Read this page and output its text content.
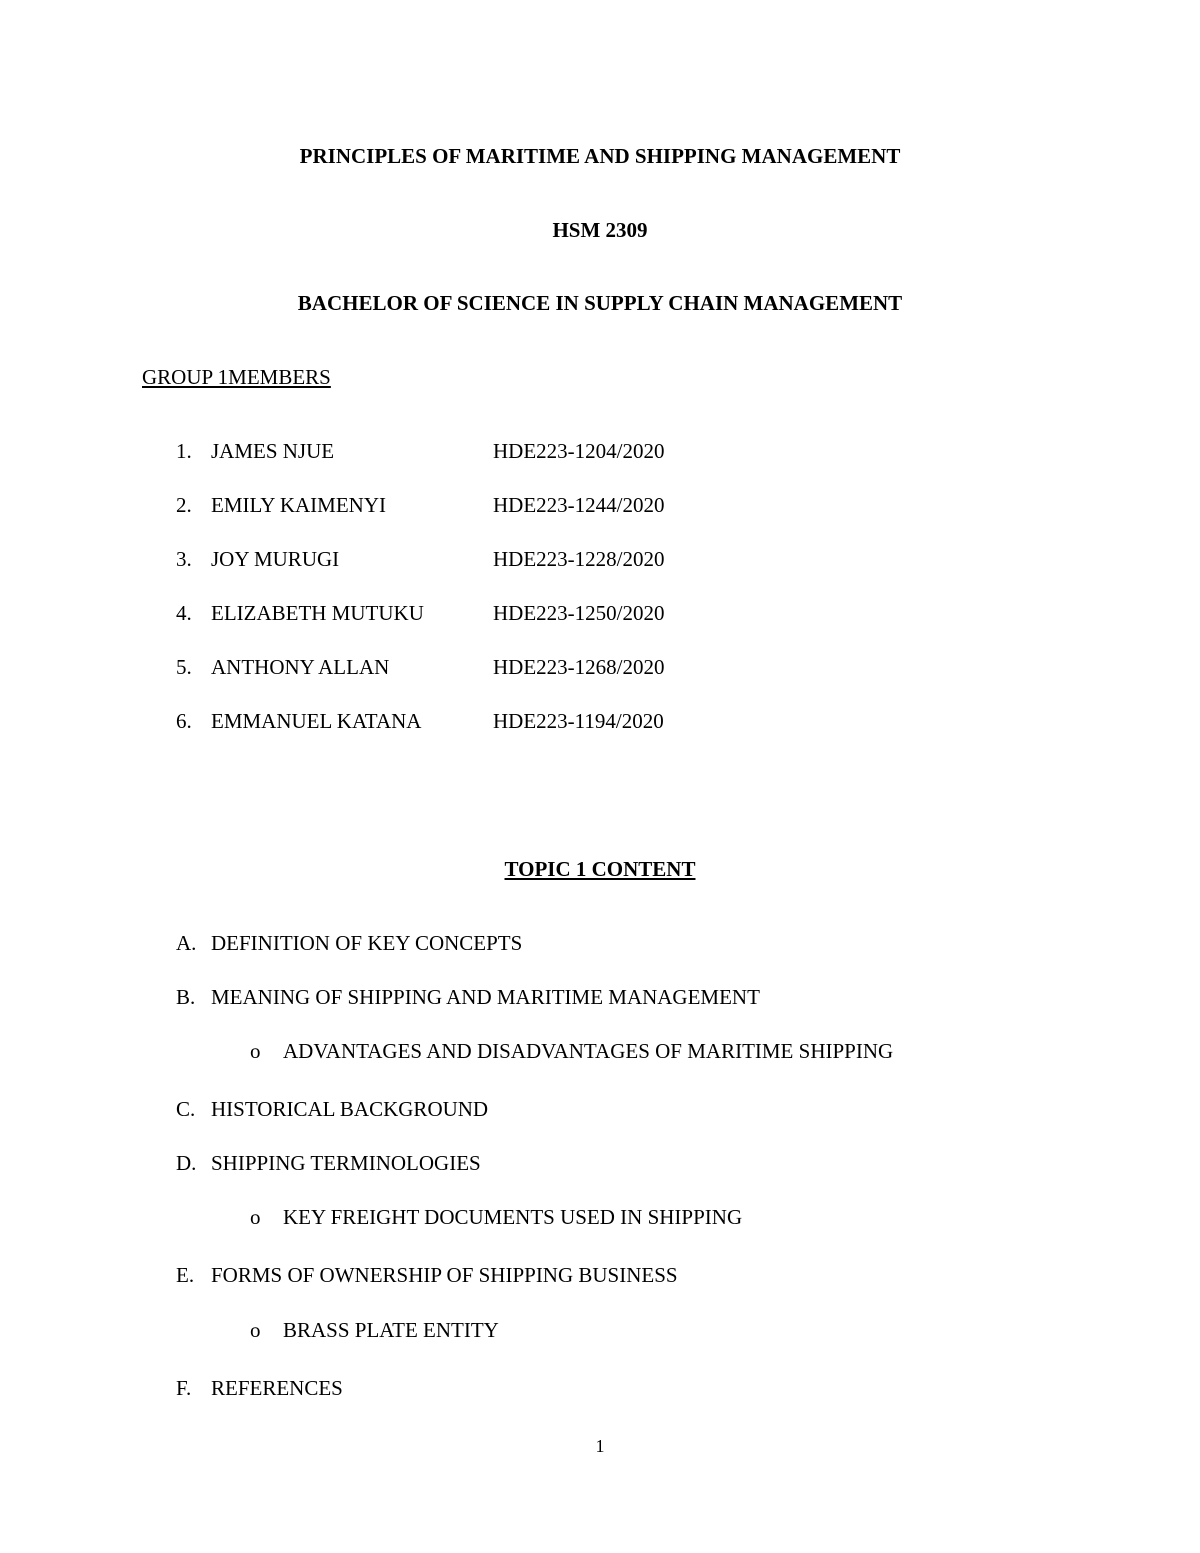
PRINCIPLES OF MARITIME AND SHIPPING MANAGEMENT
HSM 2309
BACHELOR OF SCIENCE IN SUPPLY CHAIN MANAGEMENT
GROUP 1MEMBERS
1. JAMES NJUE	HDE223-1204/2020
2. EMILY KAIMENYI	HDE223-1244/2020
3. JOY MURUGI	HDE223-1228/2020
4. ELIZABETH MUTUKU	HDE223-1250/2020
5. ANTHONY ALLAN	HDE223-1268/2020
6. EMMANUEL KATANA	HDE223-1194/2020
TOPIC 1 CONTENT
A. DEFINITION OF KEY CONCEPTS
B. MEANING OF SHIPPING AND MARITIME MANAGEMENT
o ADVANTAGES AND DISADVANTAGES OF MARITIME SHIPPING
C. HISTORICAL BACKGROUND
D. SHIPPING TERMINOLOGIES
o KEY FREIGHT DOCUMENTS USED IN SHIPPING
E. FORMS OF OWNERSHIP OF SHIPPING BUSINESS
o BRASS PLATE ENTITY
F. REFERENCES
1
